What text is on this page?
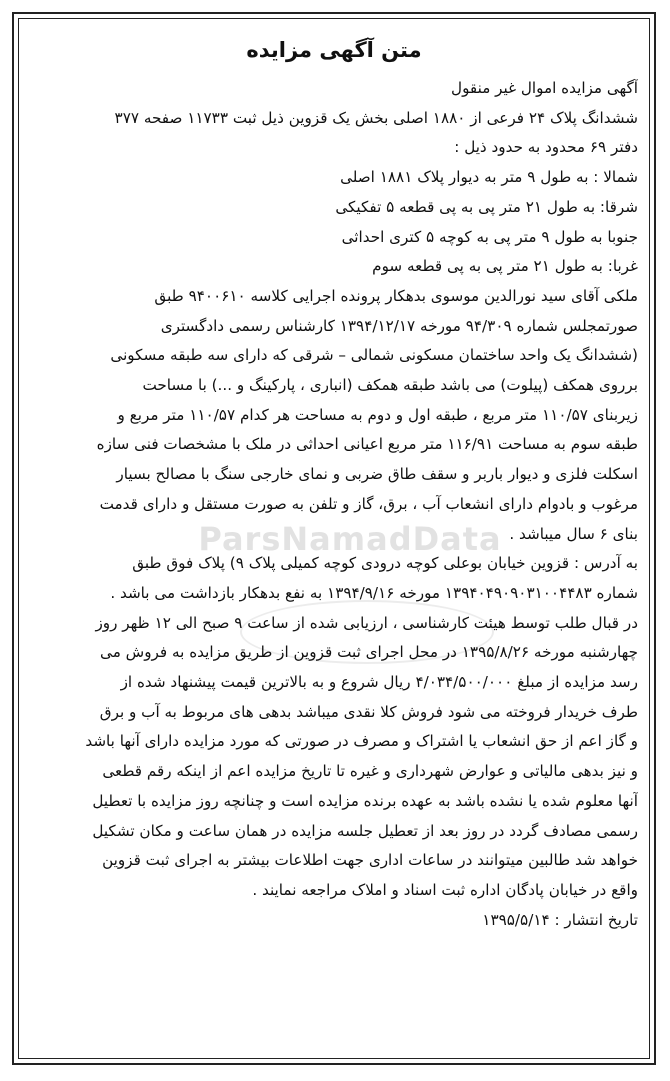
ParsNamadData
متن آگهی مزایده
آگهی مزایده اموال غیر منقول
ششدانگ پلاک ۲۴ فرعی از ۱۸۸۰ اصلی بخش یک قزوین ذیل ثبت ۱۱۷۳۳ صفحه ۳۷۷
دفتر ۶۹ محدود به حدود ذیل :
شمالا : به طول ۹ متر به دیوار پلاک ۱۸۸۱ اصلی
شرقا: به طول ۲۱ متر پی به پی قطعه ۵ تفکیکی
جنوبا به طول ۹ متر پی به کوچه ۵ کتری احداثی
غربا: به طول ۲۱ متر پی به پی قطعه سوم
ملکی آقای سید نورالدین موسوی بدهکار پرونده اجرایی کلاسه ۹۴۰۰۶۱۰ طبق
صورتمجلس شماره ۹۴/۳۰۹ مورخه ۱۳۹۴/۱۲/۱۷ کارشناس رسمی دادگستری
(ششدانگ یک واحد ساختمان مسکونی شمالی – شرقی که دارای سه طبقه مسکونی
برروی همکف (پیلوت) می باشد طبقه همکف (انباری ، پارکینگ و ...) با مساحت
زیربنای ۱۱۰/۵۷ متر مربع ، طبقه اول و دوم به مساحت هر کدام ۱۱۰/۵۷ متر مربع و
طبقه سوم به مساحت ۱۱۶/۹۱ متر مربع اعیانی احداثی در ملک با مشخصات فنی سازه
اسکلت فلزی و دیوار باربر و سقف طاق ضربی و نمای خارجی سنگ با مصالح بسیار
مرغوب و بادوام دارای انشعاب آب ، برق، گاز و تلفن به صورت مستقل و دارای قدمت
بنای ۶ سال میباشد .
به آدرس : قزوین خیابان بوعلی کوچه درودی کوچه کمیلی پلاک ۹) پلاک فوق طبق
شماره ۱۳۹۴۰۴۹۰۹۰۳۱۰۰۴۴۸۳ مورخه ۱۳۹۴/۹/۱۶ به نفع بدهکار بازداشت می باشد .
در قبال طلب توسط هیئت کارشناسی ، ارزیابی شده از ساعت ۹ صبح الی ۱۲ ظهر روز
چهارشنبه مورخه ۱۳۹۵/۸/۲۶ در محل اجرای ثبت قزوین از طریق مزایده به فروش می
رسد مزایده از مبلغ ۴/۰۳۴/۵۰۰/۰۰۰ ریال شروع و به بالاترین قیمت پیشنهاد شده از
طرف خریدار فروخته می شود فروش کلا نقدی میباشد بدهی های مربوط به آب و برق
و گاز اعم از حق انشعاب یا اشتراک و مصرف در صورتی که مورد مزایده دارای آنها باشد
و نیز بدهی مالیاتی و عوارض شهرداری و غیره تا تاریخ مزایده اعم از اینکه رقم قطعی
آنها معلوم شده یا نشده باشد به عهده برنده مزایده است و چنانچه روز مزایده با تعطیل
رسمی مصادف گردد در روز بعد از تعطیل جلسه مزایده در همان ساعت و مکان تشکیل
خواهد شد طالبین میتوانند در ساعات اداری جهت اطلاعات بیشتر به اجرای ثبت قزوین
واقع در خیابان پادگان اداره ثبت اسناد و املاک مراجعه نمایند .
تاریخ انتشار : ۱۳۹۵/۵/۱۴
